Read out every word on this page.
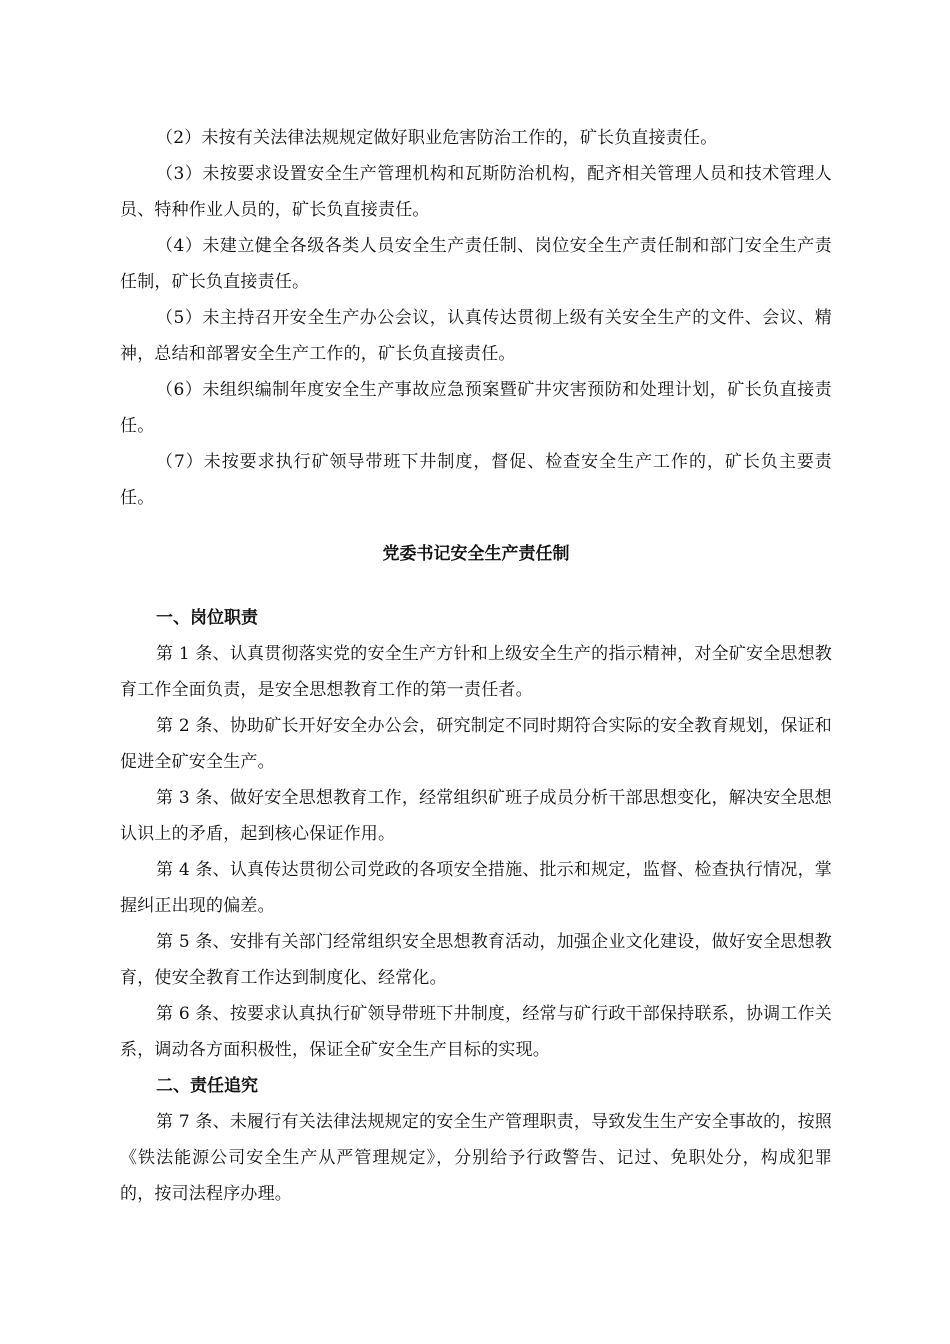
（2）未按有关法律法规规定做好职业危害防治工作的，矿长负直接责任。

（3）未按要求设置安全生产管理机构和瓦斯防治机构，配齐相关管理人员和技术管理人员、特种作业人员的，矿长负直接责任。

（4）未建立健全各级各类人员安全生产责任制、岗位安全生产责任制和部门安全生产责任制，矿长负直接责任。

（5）未主持召开安全生产办公会议，认真传达贯彻上级有关安全生产的文件、会议、精神，总结和部署安全生产工作的，矿长负直接责任。

（6）未组织编制年度安全生产事故应急预案暨矿井灾害预防和处理计划，矿长负直接责任。

（7）未按要求执行矿领导带班下井制度，督促、检查安全生产工作的，矿长负主要责任。

党委书记安全生产责任制

一、岗位职责

第 1 条、认真贯彻落实党的安全生产方针和上级安全生产的指示精神，对全矿安全思想教育工作全面负责，是安全思想教育工作的第一责任者。

第 2 条、协助矿长开好安全办公会，研究制定不同时期符合实际的安全教育规划，保证和促进全矿安全生产。

第 3 条、做好安全思想教育工作，经常组织矿班子成员分析干部思想变化，解决安全思想认识上的矛盾，起到核心保证作用。

第 4 条、认真传达贯彻公司党政的各项安全措施、批示和规定，监督、检查执行情况，掌握纠正出现的偏差。

第 5 条、安排有关部门经常组织安全思想教育活动，加强企业文化建设，做好安全思想教育，使安全教育工作达到制度化、经常化。

第 6 条、按要求认真执行矿领导带班下井制度，经常与矿行政干部保持联系，协调工作关系，调动各方面积极性，保证全矿安全生产目标的实现。

二、责任追究

第 7 条、未履行有关法律法规规定的安全生产管理职责，导致发生生产安全事故的，按照《铁法能源公司安全生产从严管理规定》，分别给予行政警告、记过、免职处分，构成犯罪的，按司法程序办理。
